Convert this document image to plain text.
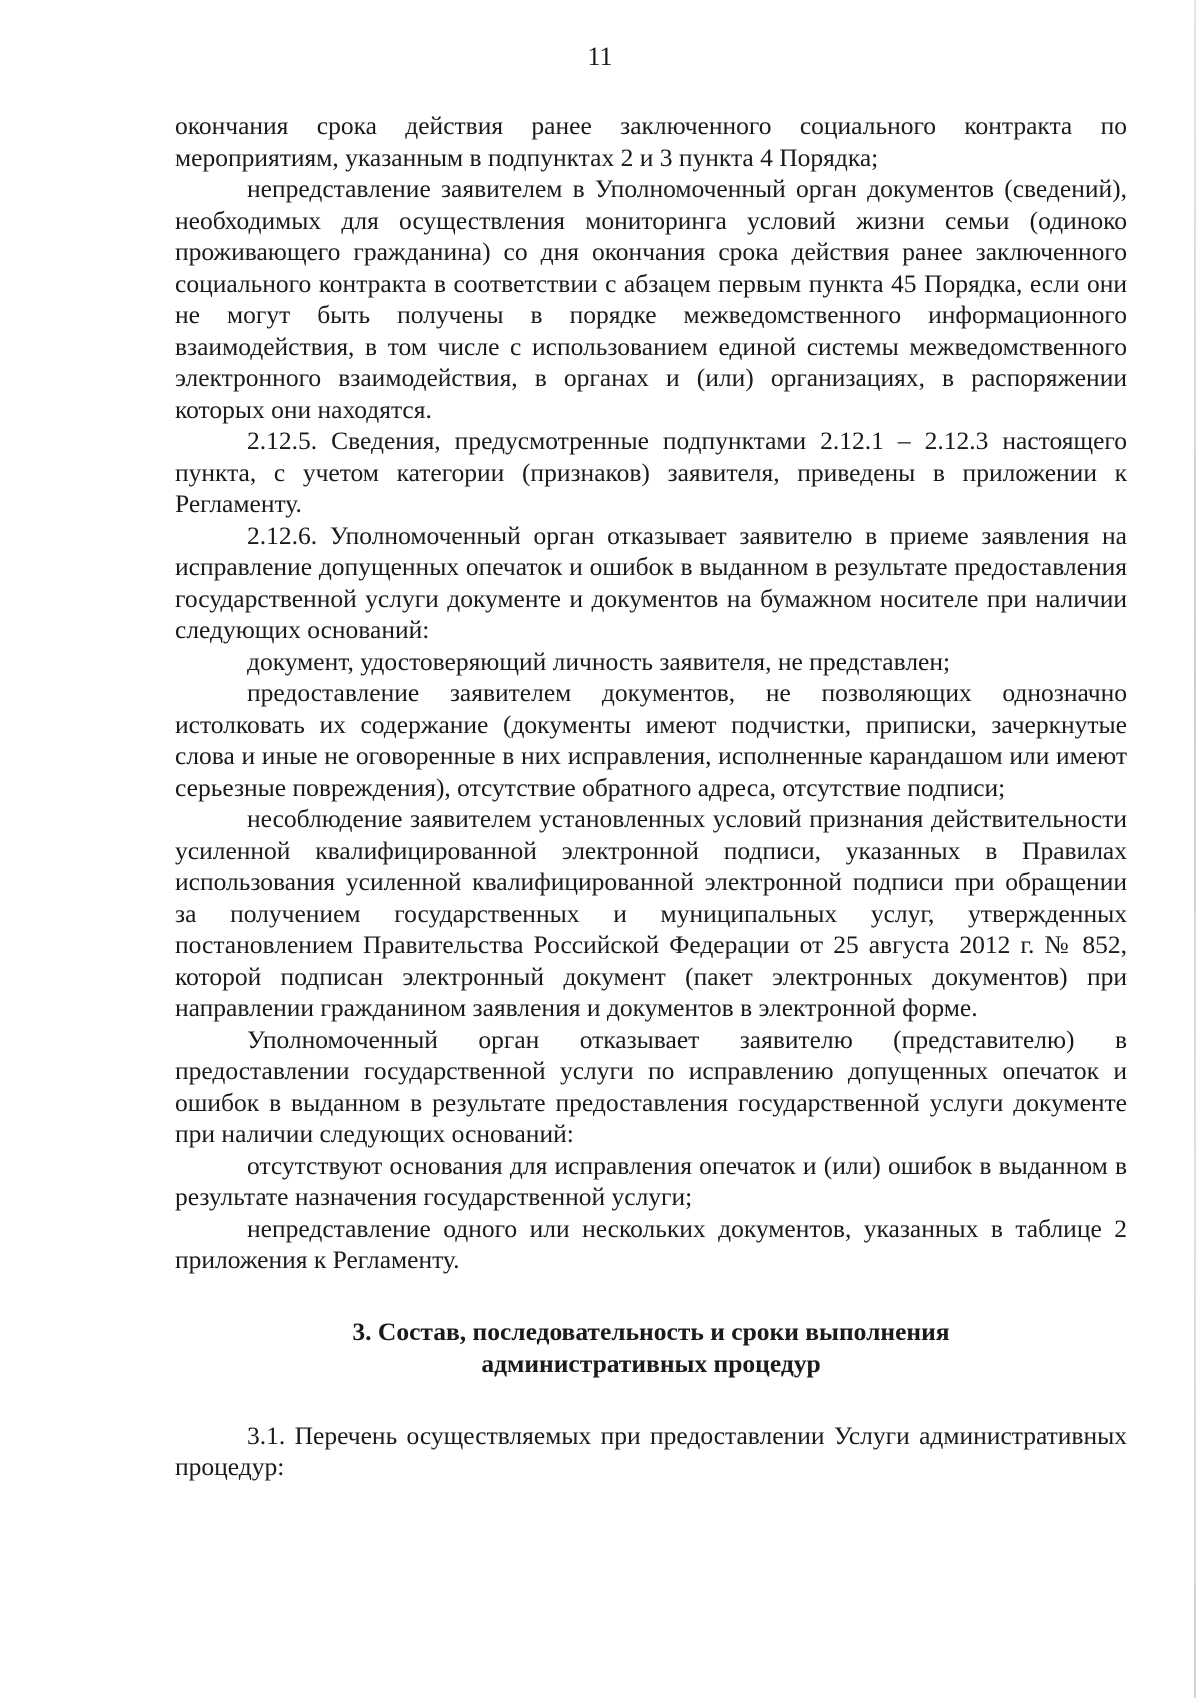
11

окончания срока действия ранее заключенного социального контракта по мероприятиям, указанным в подпунктах 2 и 3 пункта 4 Порядка;

непредставление заявителем в Уполномоченный орган документов (сведений), необходимых для осуществления мониторинга условий жизни семьи (одиноко проживающего гражданина) со дня окончания срока действия ранее заключенного социального контракта в соответствии с абзацем первым пункта 45 Порядка, если они не могут быть получены в порядке межведомственного информационного взаимодействия, в том числе с использованием единой системы межведомственного электронного взаимодействия, в органах и (или) организациях, в распоряжении которых они находятся.

2.12.5. Сведения, предусмотренные подпунктами 2.12.1 – 2.12.3 настоящего пункта, с учетом категории (признаков) заявителя, приведены в приложении к Регламенту.

2.12.6. Уполномоченный орган отказывает заявителю в приеме заявления на исправление допущенных опечаток и ошибок в выданном в результате предоставления государственной услуги документе и документов на бумажном носителе при наличии следующих оснований:

документ, удостоверяющий личность заявителя, не представлен;

предоставление заявителем документов, не позволяющих однозначно истолковать их содержание (документы имеют подчистки, приписки, зачеркнутые слова и иные не оговоренные в них исправления, исполненные карандашом или имеют серьезные повреждения), отсутствие обратного адреса, отсутствие подписи;

несоблюдение заявителем установленных условий признания действительности усиленной квалифицированной электронной подписи, указанных в Правилах использования усиленной квалифицированной электронной подписи при обращении за получением государственных и муниципальных услуг, утвержденных постановлением Правительства Российской Федерации от 25 августа 2012 г. № 852, которой подписан электронный документ (пакет электронных документов) при направлении гражданином заявления и документов в электронной форме.

Уполномоченный орган отказывает заявителю (представителю) в предоставлении государственной услуги по исправлению допущенных опечаток и ошибок в выданном в результате предоставления государственной услуги документе при наличии следующих оснований:

отсутствуют основания для исправления опечаток и (или) ошибок в выданном в результате назначения государственной услуги;

непредставление одного или нескольких документов, указанных в таблице 2 приложения к Регламенту.

3. Состав, последовательность и сроки выполнения
административных процедур

3.1. Перечень осуществляемых при предоставлении Услуги административных процедур:
